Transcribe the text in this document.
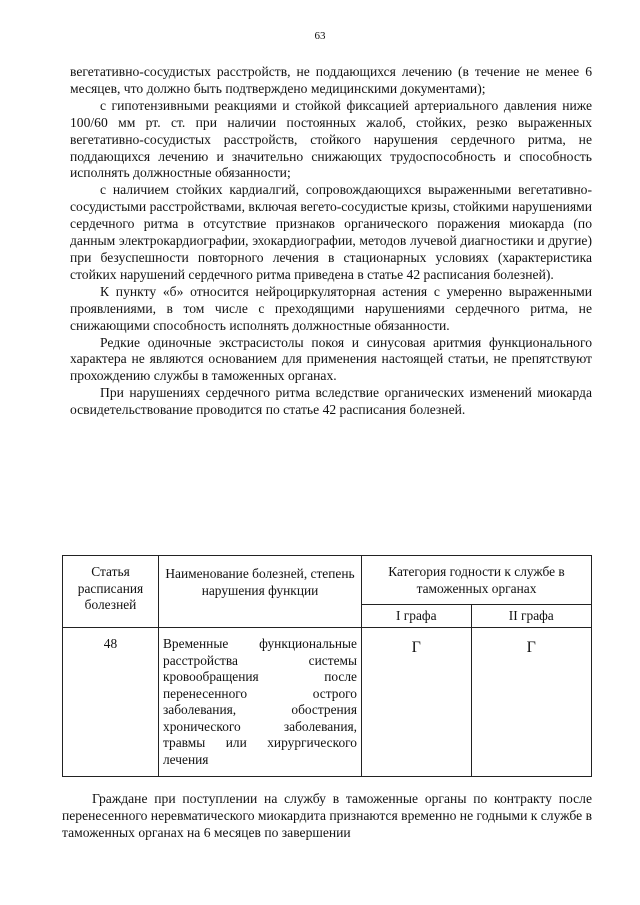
63

вегетативно-сосудистых расстройств, не поддающихся лечению (в течение не менее 6 месяцев, что должно быть подтверждено медицинскими документами);

с гипотензивными реакциями и стойкой фиксацией артериального давления ниже 100/60 мм рт. ст. при наличии постоянных жалоб, стойких, резко выраженных вегетативно-сосудистых расстройств, стойкого нарушения сердечного ритма, не поддающихся лечению и значительно снижающих трудоспособность и способность исполнять должностные обязанности;

с наличием стойких кардиалгий, сопровождающихся выраженными вегетативно-сосудистыми расстройствами, включая вегето-сосудистые кризы, стойкими нарушениями сердечного ритма в отсутствие признаков органического поражения миокарда (по данным электрокардиографии, эхокардиографии, методов лучевой диагностики и другие) при безуспешности повторного лечения в стационарных условиях (характеристика стойких нарушений сердечного ритма приведена в статье 42 расписания болезней).

К пункту «б» относится нейроциркуляторная астения с умеренно выраженными проявлениями, в том числе с преходящими нарушениями сердечного ритма, не снижающими способность исполнять должностные обязанности.

Редкие одиночные экстрасистолы покоя и синусовая аритмия функционального характера не являются основанием для применения настоящей статьи, не препятствуют прохождению службы в таможенных органах.

При нарушениях сердечного ритма вследствие органических изменений миокарда освидетельствование проводится по статье 42 расписания болезней.

Статья расписания болезней	Наименование болезней, степень нарушения функции	Категория годности к службе в таможенных органах	
		I графа	II графа
48	Временные функциональные расстройства системы кровообращения после перенесенного острого заболевания, обострения хронического заболевания, травмы или хирургического лечения	Г	Г

Граждане при поступлении на службу в таможенные органы по контракту после перенесенного неревматического миокардита признаются временно не годными к службе в таможенных органах на 6 месяцев по завершении
